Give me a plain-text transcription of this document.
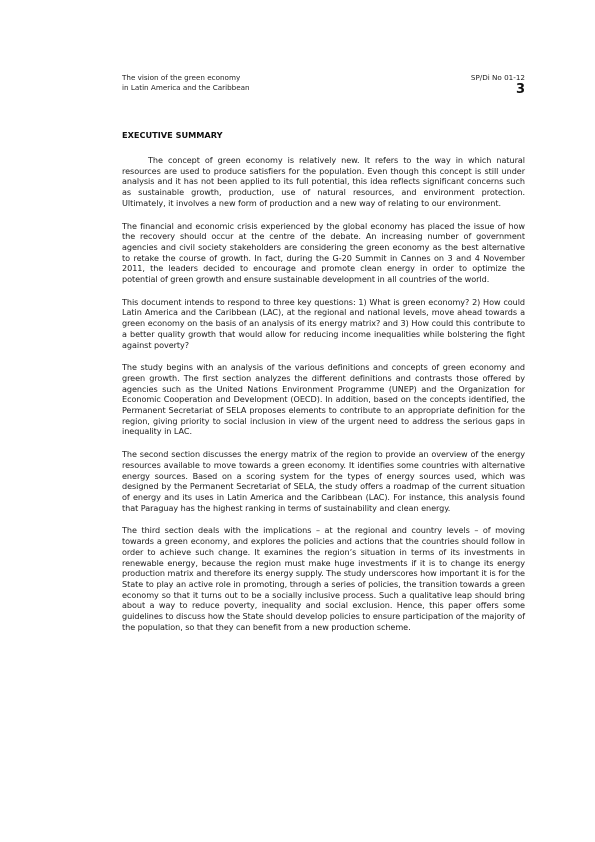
The vision of the green economy
in Latin America and the Caribbean
SP/Di No 01-12
3
EXECUTIVE SUMMARY

The concept of green economy is relatively new. It refers to the way in which natural resources are used to produce satisfiers for the population. Even though this concept is still under analysis and it has not been applied to its full potential, this idea reflects significant concerns such as sustainable growth, production, use of natural resources, and environment protection. Ultimately, it involves a new form of production and a new way of relating to our environment.

The financial and economic crisis experienced by the global economy has placed the issue of how the recovery should occur at the centre of the debate. An increasing number of government agencies and civil society stakeholders are considering the green economy as the best alternative to retake the course of growth. In fact, during the G-20 Summit in Cannes on 3 and 4 November 2011, the leaders decided to encourage and promote clean energy in order to optimize the potential of green growth and ensure sustainable development in all countries of the world.

This document intends to respond to three key questions: 1) What is green economy? 2) How could Latin America and the Caribbean (LAC), at the regional and national levels, move ahead towards a green economy on the basis of an analysis of its energy matrix? and 3) How could this contribute to a better quality growth that would allow for reducing income inequalities while bolstering the fight against poverty?

The study begins with an analysis of the various definitions and concepts of green economy and green growth. The first section analyzes the different definitions and contrasts those offered by agencies such as the United Nations Environment Programme (UNEP) and the Organization for Economic Cooperation and Development (OECD). In addition, based on the concepts identified, the Permanent Secretariat of SELA proposes elements to contribute to an appropriate definition for the region, giving priority to social inclusion in view of the urgent need to address the serious gaps in inequality in LAC.

The second section discusses the energy matrix of the region to provide an overview of the energy resources available to move towards a green economy. It identifies some countries with alternative energy sources. Based on a scoring system for the types of energy sources used, which was designed by the Permanent Secretariat of SELA, the study offers a roadmap of the current situation of energy and its uses in Latin America and the Caribbean (LAC). For instance, this analysis found that Paraguay has the highest ranking in terms of sustainability and clean energy.

The third section deals with the implications – at the regional and country levels – of moving towards a green economy, and explores the policies and actions that the countries should follow in order to achieve such change. It examines the region’s situation in terms of its investments in renewable energy, because the region must make huge investments if it is to change its energy production matrix and therefore its energy supply. The study underscores how important it is for the State to play an active role in promoting, through a series of policies, the transition towards a green economy so that it turns out to be a socially inclusive process. Such a qualitative leap should bring about a way to reduce poverty, inequality and social exclusion. Hence, this paper offers some guidelines to discuss how the State should develop policies to ensure participation of the majority of the population, so that they can benefit from a new production scheme.
